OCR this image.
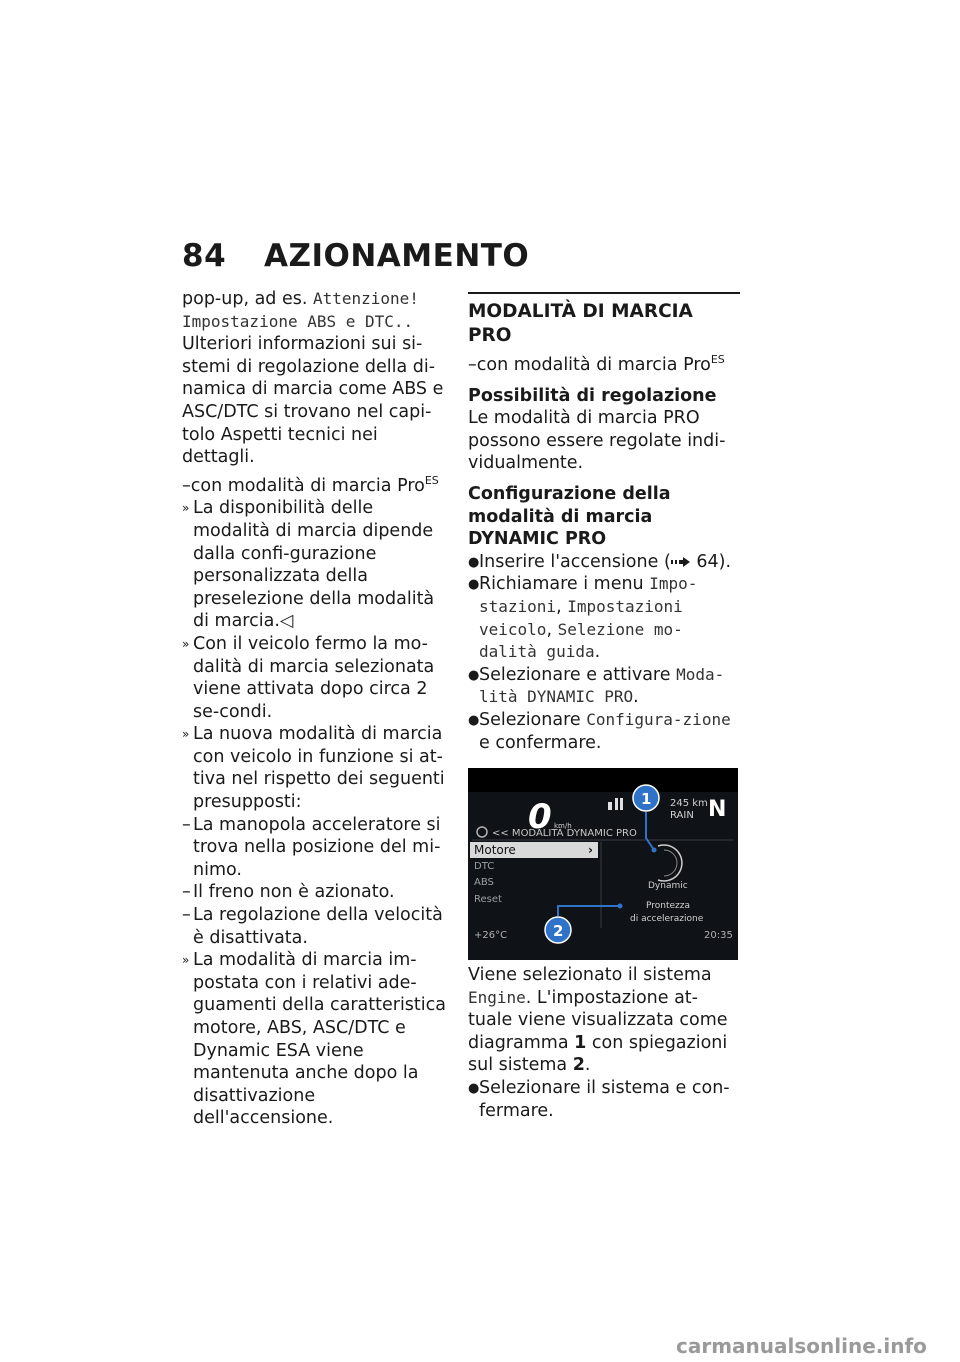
84 AZIONAMENTO

pop-up, ad es. Attenzione! Impostazione ABS e DTC..

Ulteriori informazioni sui si-stemi di regolazione della di-namica di marcia come ABS e ASC/DTC si trovano nel capi-tolo Aspetti tecnici nei dettagli.

–con modalità di marcia Pro$^{ES}$

» La disponibilità delle modalità di marcia dipende dalla confi-gurazione personalizzata della preselezione della modalità di marcia.◁

» Con il veicolo fermo la mo-dalità di marcia selezionata viene attivata dopo circa 2 se-condi.

» La nuova modalità di marcia con veicolo in funzione si at-tiva nel rispetto dei seguenti presupposti:

– La manopola acceleratore si trova nella posizione del mi-nimo.

– Il freno non è azionato.

– La regolazione della velocità è disattivata.

» La modalità di marcia im-postata con i relativi ade-guamenti della caratteristica motore, ABS, ASC/DTC e Dynamic ESA viene mantenuta anche dopo la disattivazione dell'accensione.

MODALITÀ DI MARCIA PRO

–con modalità di marcia Pro$^{ES}$

Possibilità di regolazione

Le modalità di marcia PRO possono essere regolate indi-vidualmente.

Configurazione della modalità di marcia DYNAMIC PRO

● Inserire l'accensione ( 64).

● Richiamare i menu Impo-stazioni, Impostazioni veicolo, Selezione mo-dalità guida.

● Selezionare e attivare Moda-lità DYNAMIC PRO.

● Selezionare Configura-zione e confermare.

0 km/h
245 km
RAIN N
<< MODALITÀ DYNAMIC PRO
Motore	›
DTC
ABS
Reset
Dynamic
Prontezza
di accelerazione
1
2
+26°C	20:35

Viene selezionato il sistema Engine. L'impostazione at-tuale viene visualizzata come diagramma 1 con spiegazioni sul sistema 2.

● Selezionare il sistema e con-fermare.

carmanualsonline.info
